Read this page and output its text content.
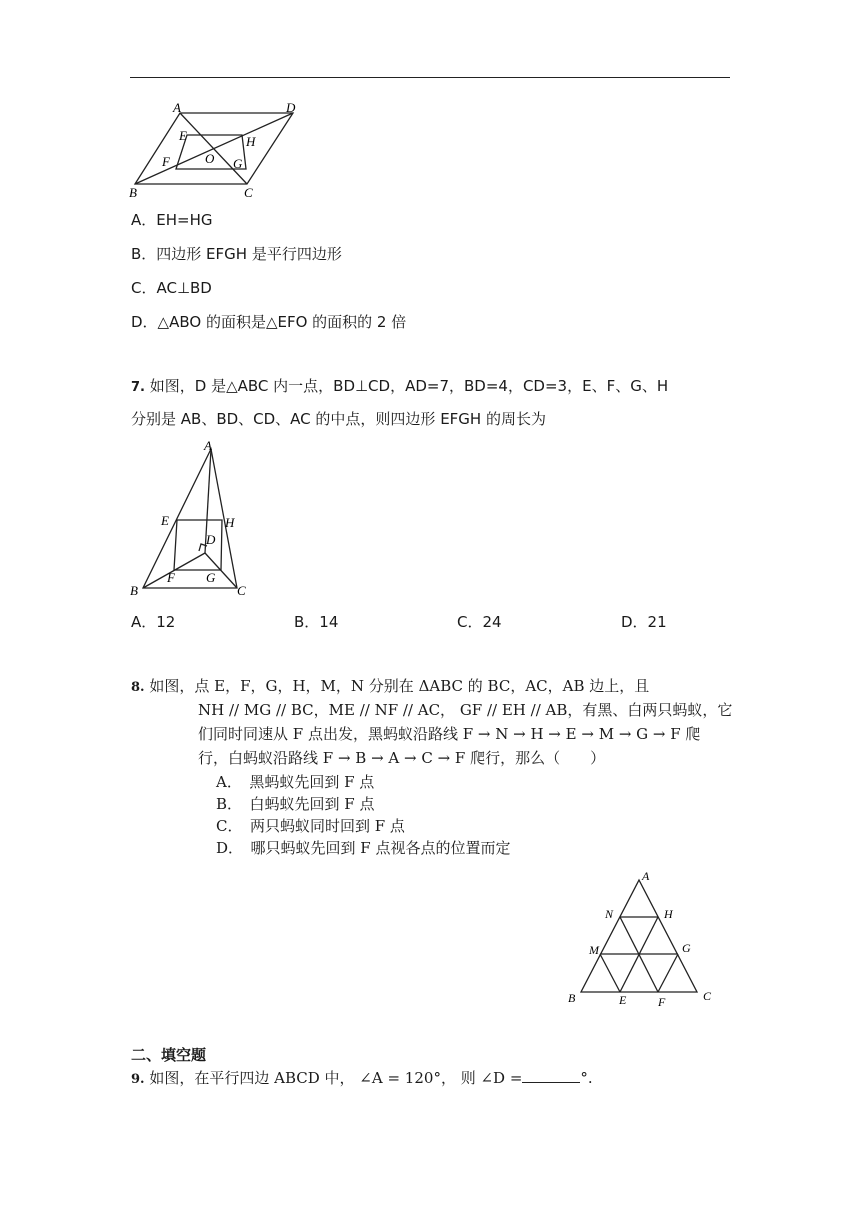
A	D
E	H
F	O G
B	C
A．EH=HG
B．四边形 EFGH 是平行四边形
C．AC⊥BD
D．△ABO 的面积是△EFO 的面积的 2 倍
7. 如图，D 是△ABC 内一点，BD⊥CD，AD=7，BD=4，CD=3，E、F、G、H
分别是 AB、BD、CD、AC 的中点，则四边形 EFGH 的周长为
A
E	H
D
B
F G
C
A．12	B．14	C．24	D．21
8. 如图，点 E，F，G，H，M，N 分别在 ΔABC 的 BC，AC，AB 边上，且
NH // MG // BC，ME // NF // AC， GF // EH // AB，有黑、白两只蚂蚁，它
们同时同速从 F 点出发，黑蚂蚁沿路线 F → N → H → E → M → G → F 爬
行，白蚂蚁沿路线 F → B → A → C → F 爬行，那么（　　）
A．　黑蚂蚁先回到 F 点
B．　白蚂蚁先回到 F 点
C．　两只蚂蚁同时回到 F 点
D．　哪只蚂蚁先回到 F 点视各点的位置而定
A
N	H
M	G
B	E	F	C
二、填空题
9. 如图，在平行四边 ABCD 中， ∠A = 120°， 则 ∠D =	°.
